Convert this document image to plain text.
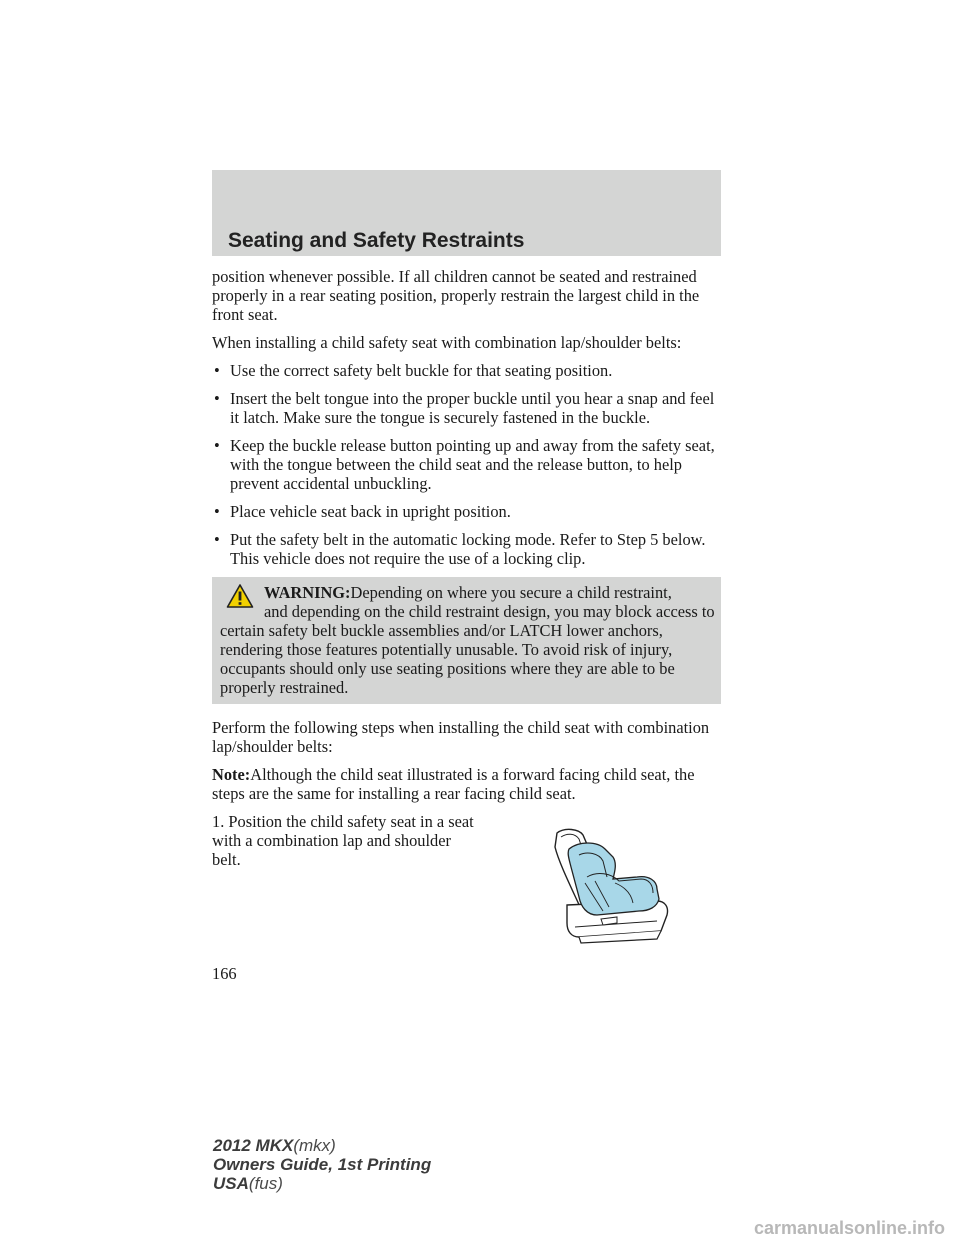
Seating and Safety Restraints

position whenever possible. If all children cannot be seated and restrained properly in a rear seating position, properly restrain the largest child in the front seat.

When installing a child safety seat with combination lap/shoulder belts:

• Use the correct safety belt buckle for that seating position.
• Insert the belt tongue into the proper buckle until you hear a snap and feel it latch. Make sure the tongue is securely fastened in the buckle.
• Keep the buckle release button pointing up and away from the safety seat, with the tongue between the child seat and the release button, to help prevent accidental unbuckling.
• Place vehicle seat back in upright position.
• Put the safety belt in the automatic locking mode. Refer to Step 5 below. This vehicle does not require the use of a locking clip.
WARNING:Depending on where you secure a child restraint,
and depending on the child restraint design, you may block access to certain safety belt buckle assemblies and/or LATCH lower anchors, rendering those features potentially unusable. To avoid risk of injury, occupants should only use seating positions where they are able to be properly restrained.

Perform the following steps when installing the child seat with combination lap/shoulder belts:

Note:Although the child seat illustrated is a forward facing child seat, the steps are the same for installing a rear facing child seat.

1. Position the child safety seat in a seat with a combination lap and shoulder belt.

166
2012 MKX(mkx)
Owners Guide, 1st Printing
USA(fus)
carmanualsonline.info
